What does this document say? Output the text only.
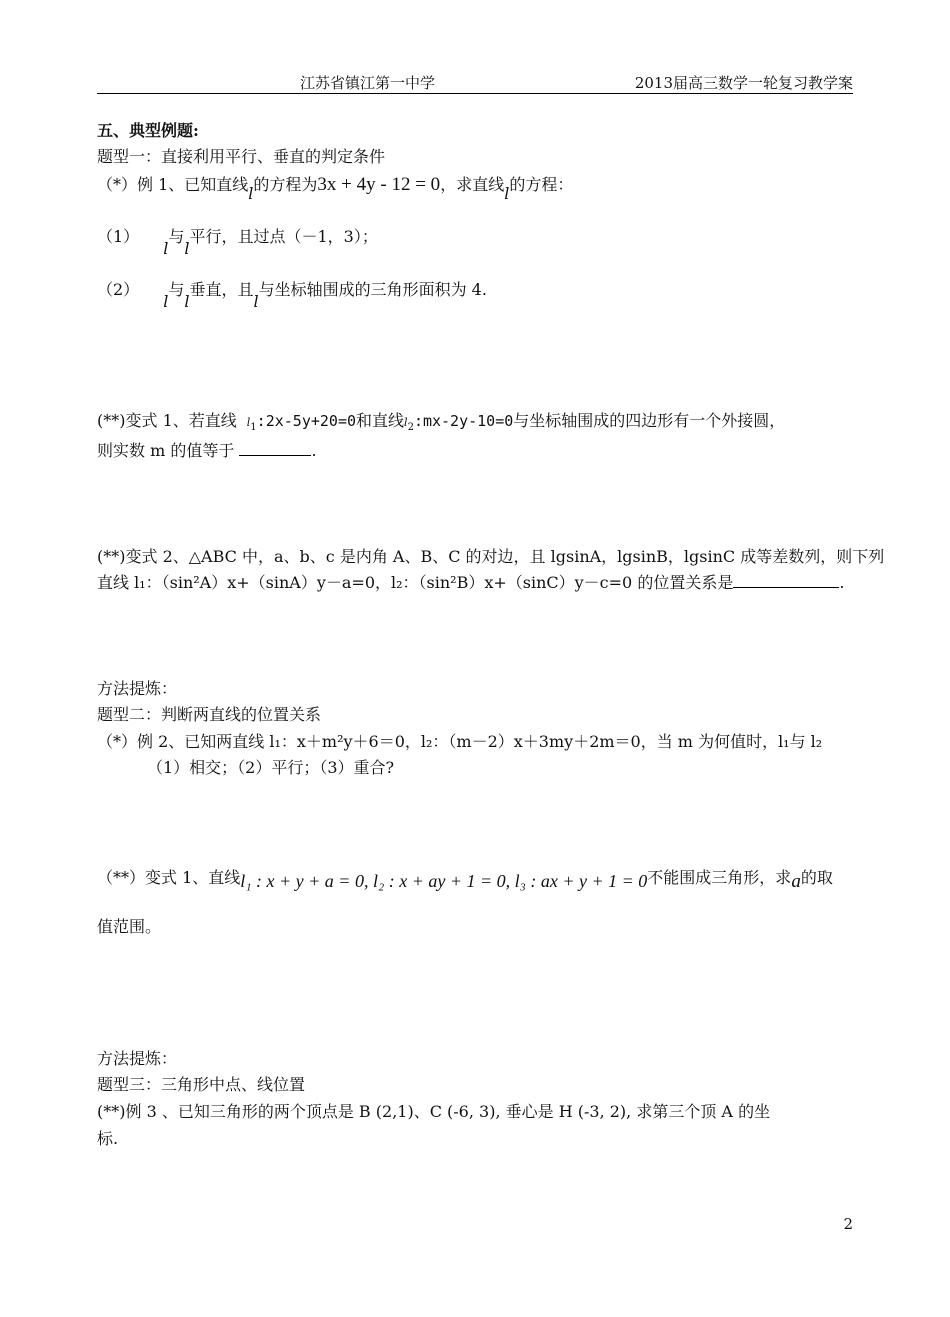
江苏省镇江第一中学	2013届高三数学一轮复习教学案
五、典型例题:
题型一：直接利用平行、垂直的判定条件
（*）例 1、已知直线l的方程为3x + 4y - 12 = 0，求直线l的方程：
（1）l与l平行，且过点（－1，3）；
（2）l与l垂直，且l与坐标轴围成的三角形面积为 4.
(**)变式 1、若直线 $l_1:2x-5y+20=0$和直线$l_2:mx-2y-10=0$与坐标轴围成的四边形有一个外接圆，
则实数 m 的值等于	.
(**)变式 2、△ABC 中，a、b、c 是内角 A、B、C 的对边，且 lgsinA，lgsinB，lgsinC 成等差数列，则下列
直线 l₁：（sin²A）x+（sinA）y－a=0，l₂：（sin²B）x+（sinC）y－c=0 的位置关系是	.
方法提炼：
题型二：判断两直线的位置关系
（*）例 2、已知两直线 l₁：x＋m²y＋6＝0，l₂：（m－2）x＋3my＋2m＝0，当 m 为何值时，l₁与 l₂
（1）相交；（2）平行；（3）重合?
（**）变式 1、直线l₁ : x + y + a = 0, l₂ : x + ay + 1 = 0, l₃ : ax + y + 1 = 0不能围成三角形，求a的取
值范围。
方法提炼：
题型三：三角形中点、线位置
(**)例 3 、已知三角形的两个顶点是 B (2,1)、C (-6, 3), 垂心是 H (-3, 2), 求第三个顶 A 的坐
标.
2
